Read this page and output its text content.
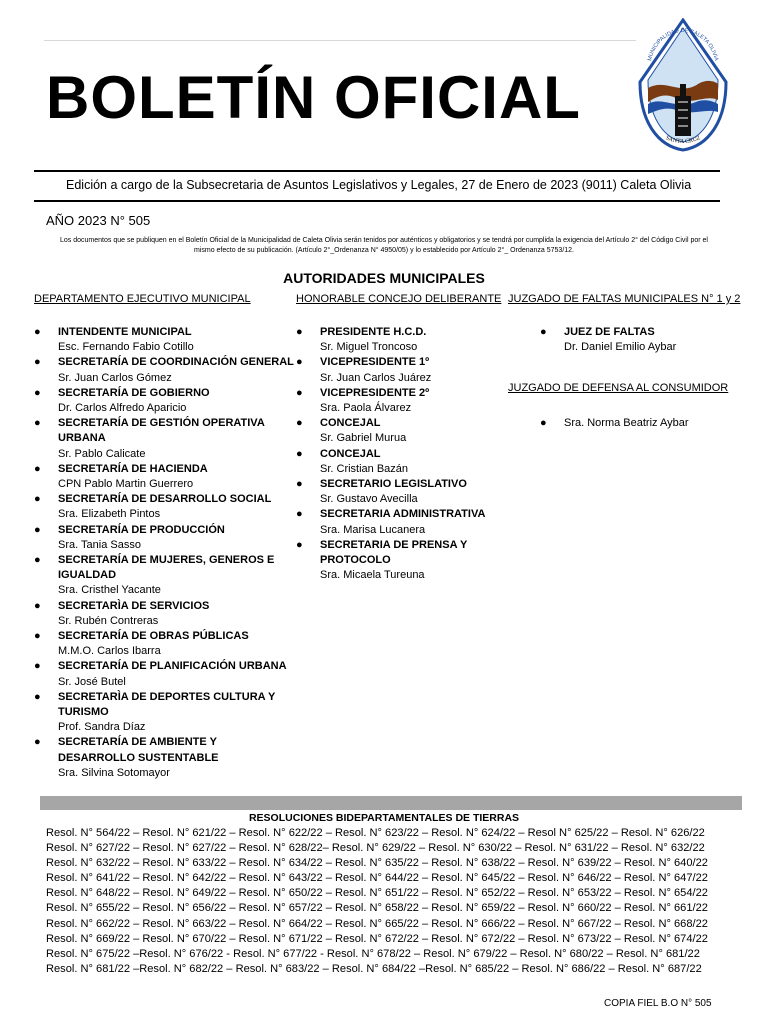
BOLETÍN OFICIAL
MUNICIPALIDAD DE CALETA OLIVIA
SANTA CRUZ
Edición a cargo de la Subsecretaria de Asuntos Legislativos y Legales, 27 de Enero de 2023 (9011) Caleta Olivia
AÑO 2023 N° 505
Los documentos que se publiquen en el Boletín Oficial de la Municipalidad de Caleta Olivia serán tenidos por auténticos y obligatorios y se tendrá por cumplida la exigencia del Artículo 2° del Código Civil por el mismo efecto de su publicación. (Artículo 2°_Ordenanza N° 4950/05) y lo establecido por Artículo 2°_ Ordenanza 5753/12.
AUTORIDADES MUNICIPALES
DEPARTAMENTO EJECUTIVO MUNICIPAL	HONORABLE CONCEJO DELIBERANTE JUZGADO DE FALTAS MUNICIPALES N° 1 y 2
JUZGADO DE DEFENSA AL CONSUMIDOR
● INTENDENTE MUNICIPAL
Esc. Fernando Fabio Cotillo
● SECRETARÍA DE COORDINACIÓN GENERAL
Sr. Juan Carlos Gómez
● SECRETARÍA DE GOBIERNO
Dr. Carlos Alfredo Aparicio
● SECRETARÍA DE GESTIÓN OPERATIVA URBANA
Sr. Pablo Calicate
● SECRETARÍA DE HACIENDA
CPN Pablo Martin Guerrero
● SECRETARÍA DE DESARROLLO SOCIAL
Sra. Elizabeth Pintos
● SECRETARÍA DE PRODUCCIÓN
Sra. Tania Sasso
● SECRETARÍA DE MUJERES, GENEROS E IGUALDAD
Sra. Cristhel Yacante
● SECRETARÌA DE SERVICIOS
Sr. Rubén Contreras
● SECRETARÍA DE OBRAS PÚBLICAS
M.M.O. Carlos Ibarra
● SECRETARÍA DE PLANIFICACIÓN URBANA
Sr. José Butel
● SECRETARÌA DE DEPORTES CULTURA Y TURISMO
Prof. Sandra Díaz
● SECRETARÍA DE AMBIENTE Y DESARROLLO SUSTENTABLE
Sra. Silvina Sotomayor
● PRESIDENTE H.C.D.
Sr. Miguel Troncoso
● VICEPRESIDENTE 1º
Sr. Juan Carlos Juárez
● VICEPRESIDENTE 2º
Sra. Paola Álvarez
● CONCEJAL
Sr. Gabriel Murua
● CONCEJAL
Sr. Cristian Bazán
● SECRETARIO LEGISLATIVO
Sr. Gustavo Avecilla
● SECRETARIA ADMINISTRATIVA
Sra. Marisa Lucanera
● SECRETARIA DE PRENSA Y PROTOCOLO
Sra. Micaela Tureuna
● JUEZ DE FALTAS
Dr. Daniel Emilio Aybar
● Sra. Norma Beatriz Aybar
RESOLUCIONES BIDEPARTAMENTALES DE TIERRAS
Resol. N° 564/22 – Resol. N° 621/22 – Resol. N° 622/22 – Resol. N° 623/22 – Resol. N° 624/22 – Resol N° 625/22 – Resol. N° 626/22
Resol. N° 627/22 – Resol. N° 627/22 – Resol. N° 628/22– Resol. N° 629/22 – Resol. N° 630/22 – Resol. N° 631/22 – Resol. N° 632/22
Resol. N° 632/22 – Resol. N° 633/22 – Resol. N° 634/22 – Resol. N° 635/22 – Resol. N° 638/22 – Resol. N° 639/22 – Resol. N° 640/22
Resol. N° 641/22 – Resol. N° 642/22 – Resol. N° 643/22 – Resol. N° 644/22 – Resol. N° 645/22 – Resol. N° 646/22 – Resol. N° 647/22
Resol. N° 648/22 – Resol. N° 649/22 – Resol. N° 650/22 – Resol. N° 651/22 – Resol. N° 652/22 – Resol. N° 653/22 – Resol. N° 654/22
Resol. N° 655/22 – Resol. N° 656/22 – Resol. N° 657/22 – Resol. N° 658/22 – Resol. N° 659/22 – Resol. N° 660/22 – Resol. N° 661/22
Resol. N° 662/22 – Resol. N° 663/22 – Resol. N° 664/22 – Resol. N° 665/22 – Resol. N° 666/22 – Resol. N° 667/22 – Resol. N° 668/22
Resol. N° 669/22 – Resol. N° 670/22 – Resol. N° 671/22 – Resol. N° 672/22 – Resol. N° 672/22 – Resol. N° 673/22 – Resol. N° 674/22
Resol. N° 675/22 –Resol. N° 676/22 - Resol. N° 677/22 - Resol. N° 678/22 – Resol. N° 679/22 – Resol. N° 680/22 – Resol. N° 681/22
Resol. N° 681/22 –Resol. N° 682/22 – Resol. N° 683/22 – Resol. N° 684/22 –Resol. N° 685/22 – Resol. N° 686/22 – Resol. N° 687/22
COPIA FIEL B.O N° 505
